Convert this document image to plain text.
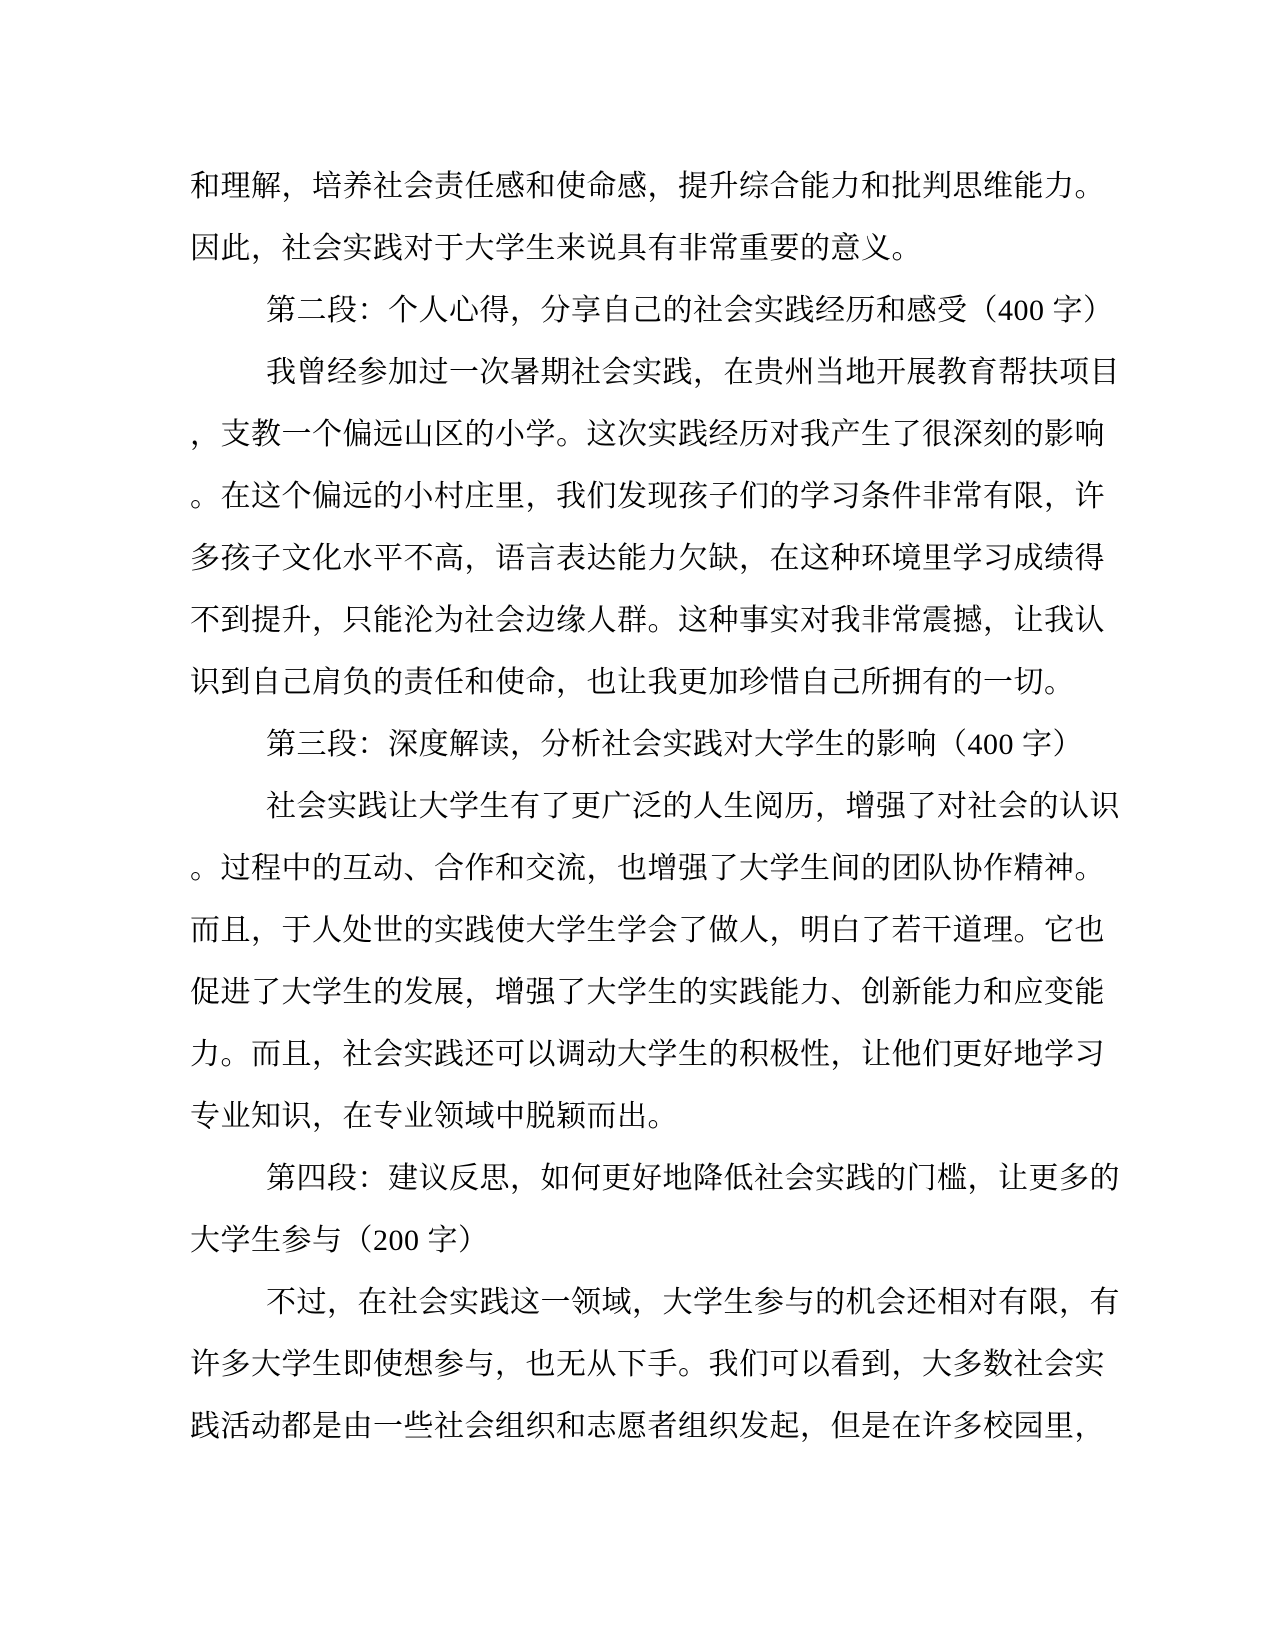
和理解，培养社会责任感和使命感，提升综合能力和批判思维能力。
因此，社会实践对于大学生来说具有非常重要的意义。
第二段：个人心得，分享自己的社会实践经历和感受（400 字）
我曾经参加过一次暑期社会实践，在贵州当地开展教育帮扶项目
，支教一个偏远山区的小学。这次实践经历对我产生了很深刻的影响
。在这个偏远的小村庄里，我们发现孩子们的学习条件非常有限，许
多孩子文化水平不高，语言表达能力欠缺，在这种环境里学习成绩得
不到提升，只能沦为社会边缘人群。这种事实对我非常震撼，让我认
识到自己肩负的责任和使命，也让我更加珍惜自己所拥有的一切。
第三段：深度解读，分析社会实践对大学生的影响（400 字）
社会实践让大学生有了更广泛的人生阅历，增强了对社会的认识
。过程中的互动、合作和交流，也增强了大学生间的团队协作精神。
而且，于人处世的实践使大学生学会了做人，明白了若干道理。它也
促进了大学生的发展，增强了大学生的实践能力、创新能力和应变能
力。而且，社会实践还可以调动大学生的积极性，让他们更好地学习
专业知识，在专业领域中脱颖而出。
第四段：建议反思，如何更好地降低社会实践的门槛，让更多的
大学生参与（200 字）
不过，在社会实践这一领域，大学生参与的机会还相对有限，有
许多大学生即使想参与，也无从下手。我们可以看到，大多数社会实
践活动都是由一些社会组织和志愿者组织发起，但是在许多校园里，
